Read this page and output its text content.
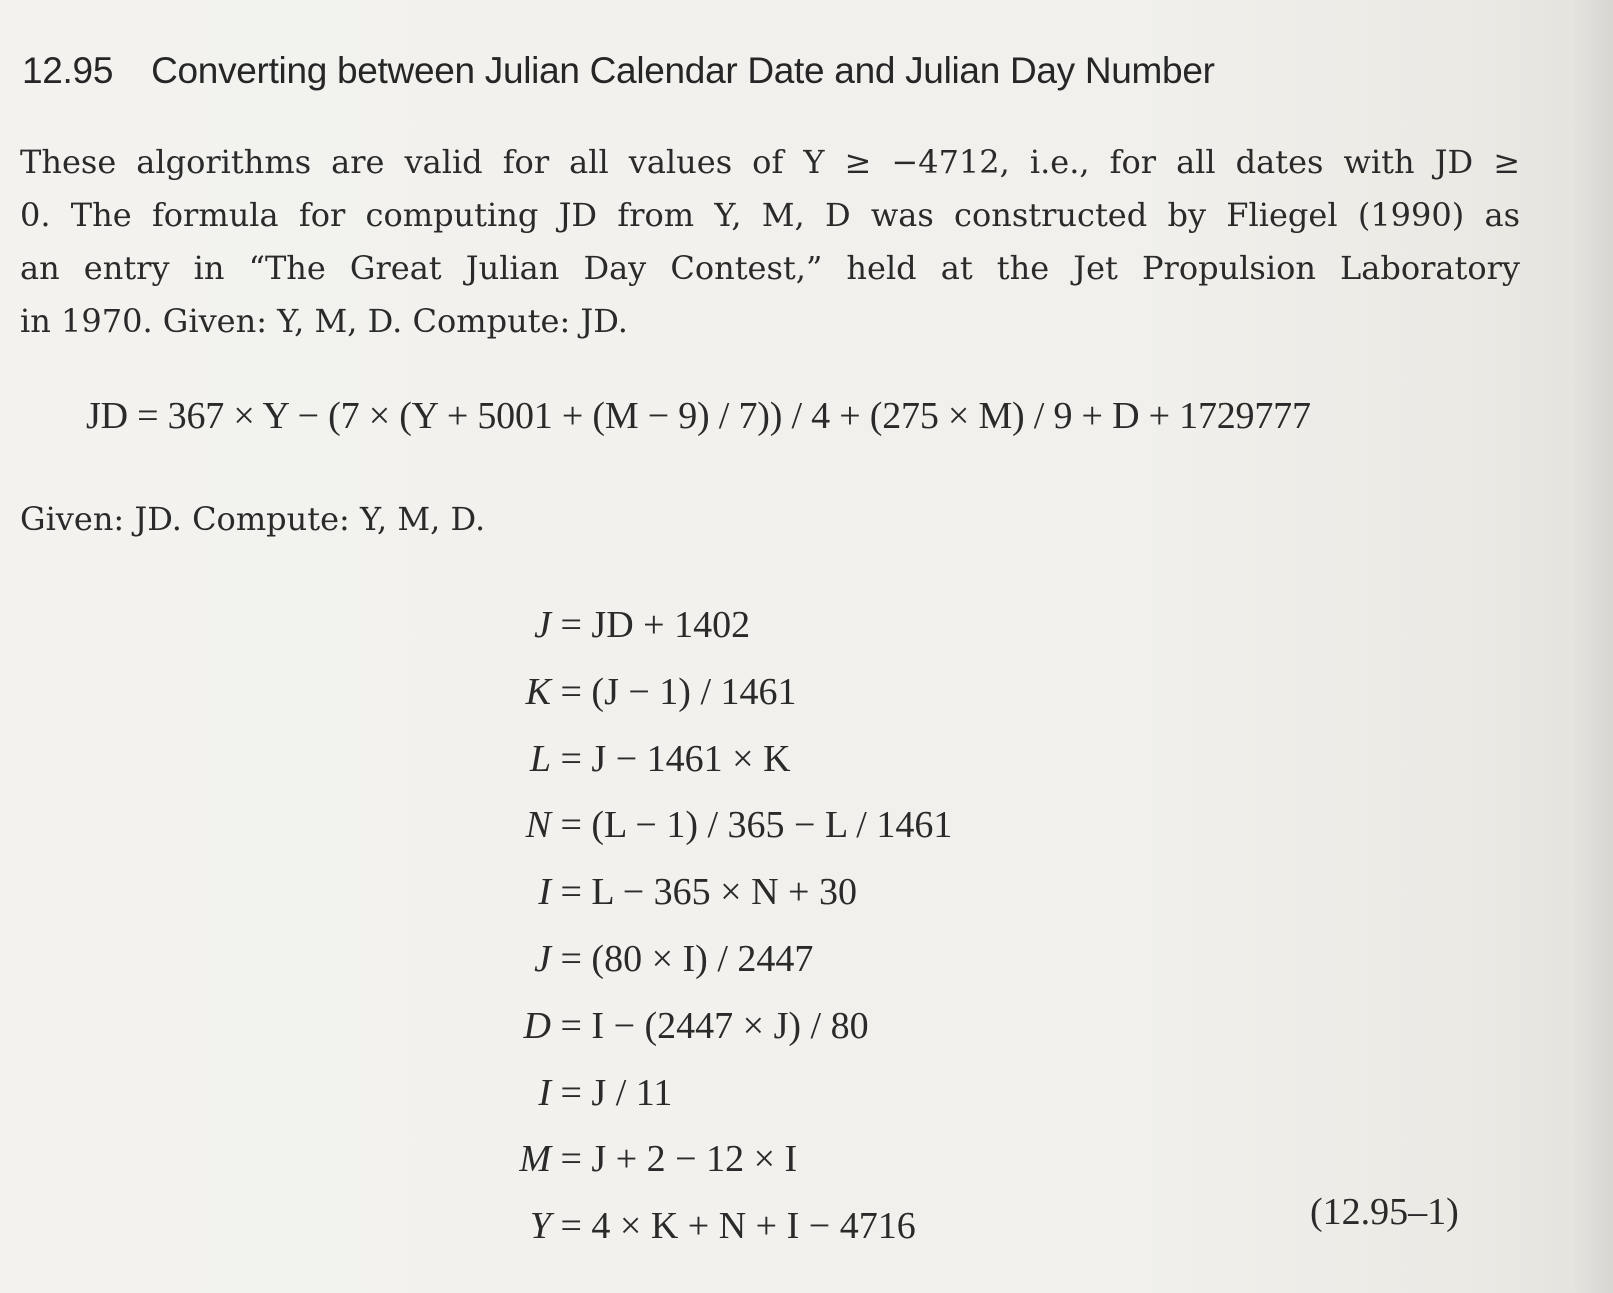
12.95 Converting between Julian Calendar Date and Julian Day Number
These algorithms are valid for all values of Y ≥ −4712, i.e., for all dates with JD ≥
0. The formula for computing JD from Y, M, D was constructed by Fliegel (1990) as
an entry in “The Great Julian Day Contest,” held at the Jet Propulsion Laboratory
in 1970. Given: Y, M, D. Compute: JD.
JD = 367 × Y − (7 × (Y + 5001 + (M − 9) / 7)) / 4 + (275 × M) / 9 + D + 1729777
Given: JD. Compute: Y, M, D.
J = JD + 1402
K = (J − 1) / 1461
L = J − 1461 × K
N = (L − 1) / 365 − L / 1461
I = L − 365 × N + 30
J = (80 × I) / 2447
D = I − (2447 × J) / 80
I = J / 11
M = J + 2 − 12 × I
Y = 4 × K + N + I − 4716	(12.95–1)
